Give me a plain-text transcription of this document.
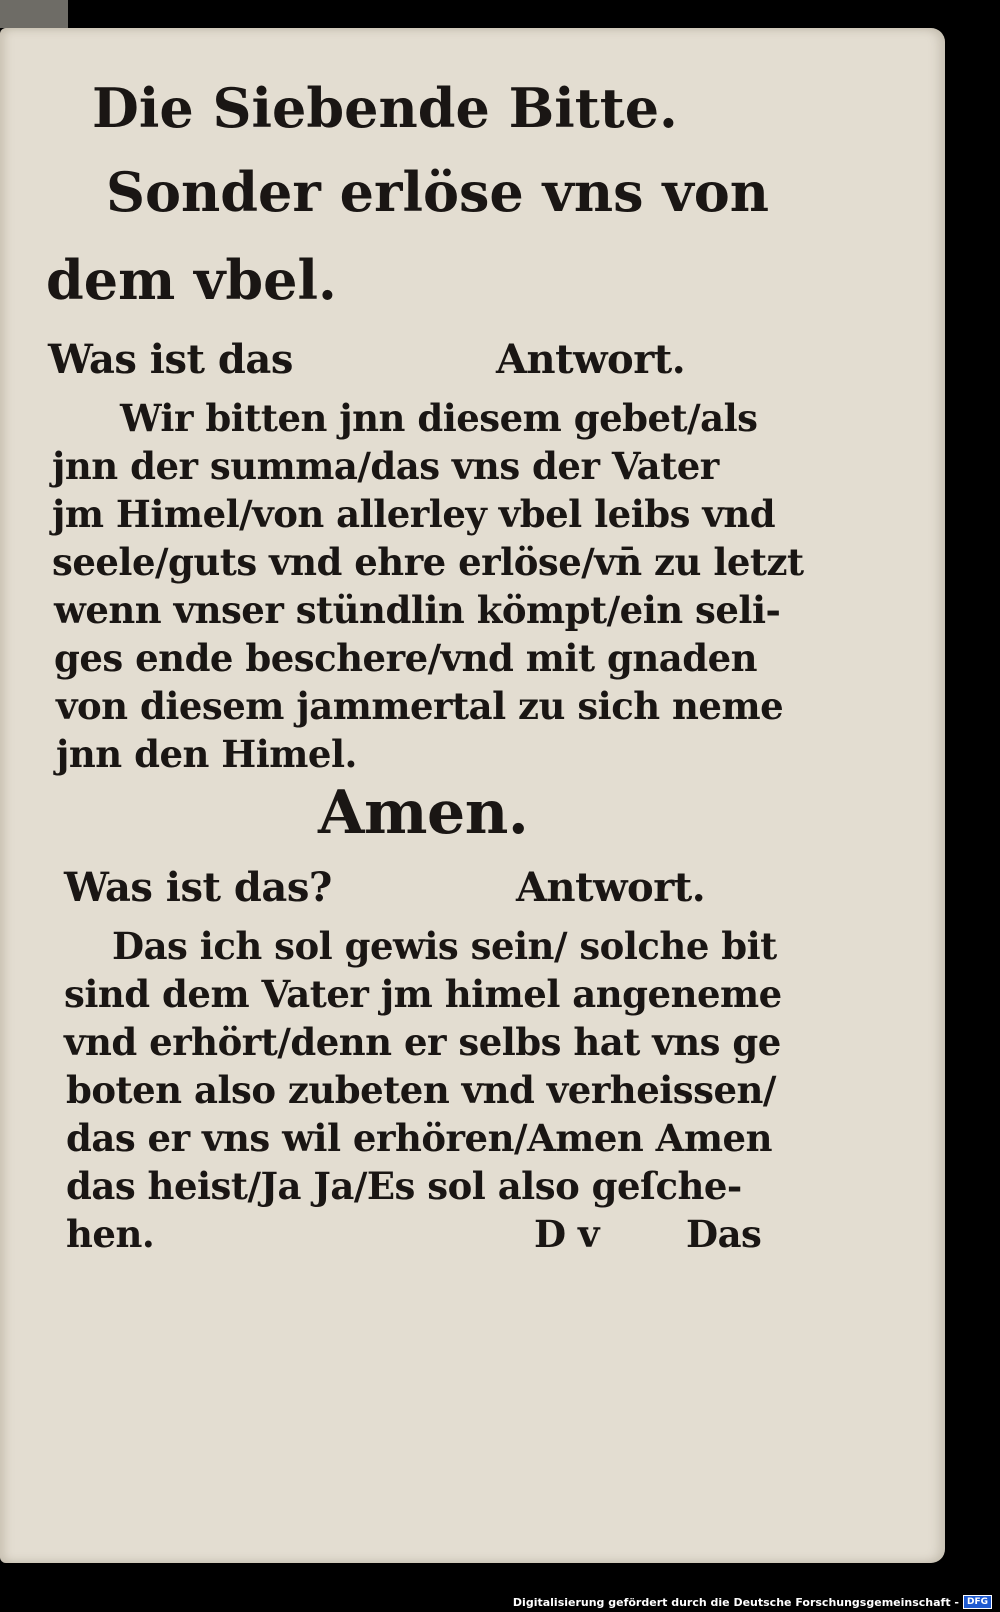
Die Siebende Bitte.
Sonder erlöse vns von
dem vbel.
Was ist das	Antwort.
Wir bitten jnn diesem gebet/als
jnn der summa/das vns der Vater
jm Himel/von allerley vbel leibs vnd
seele/guts vnd ehre erlöse/vn̄ zu letzt
wenn vnser stündlin kömpt/ein seli-
ges ende beschere/vnd mit gnaden
von diesem jammertal zu sich neme
jnn den Himel.
Amen.
Was ist das?	Antwort.
Das ich sol gewis sein/ solche bit
sind dem Vater jm himel angeneme
vnd erhört/denn er selbs hat vns ge
boten also zubeten vnd verheissen/
das er vns wil erhören/Amen Amen
das heist/Ja Ja/Es sol also geſche-
hen.	D v Das
Digitalisierung gefördert durch die Deutsche Forschungsgemeinschaft - DFG
